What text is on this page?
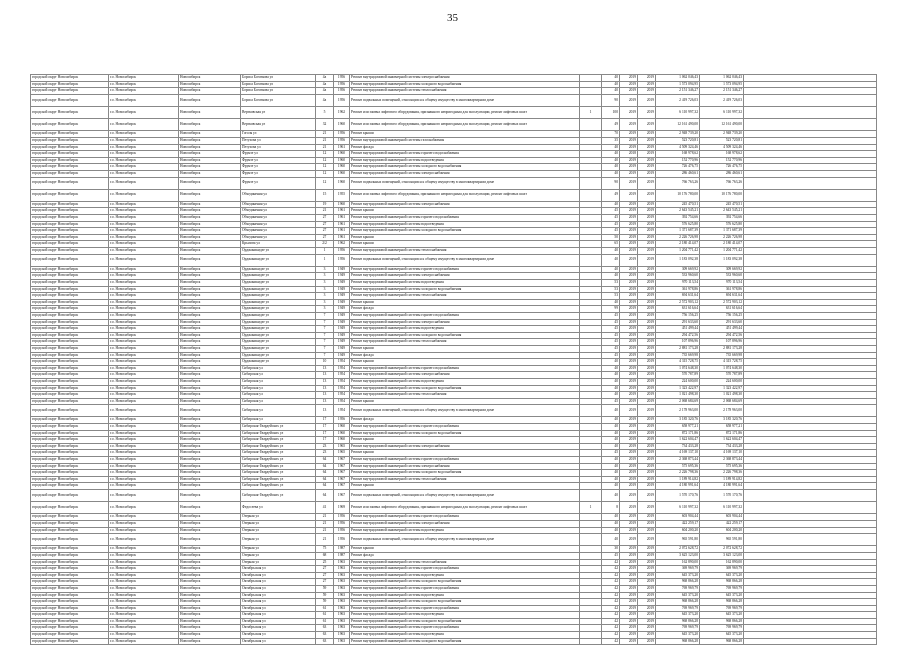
35
городской округ Новосибирск	г.о. Новосибирск	Новосибирск	Бориса Богаткова ул	4а	1956	Ремонт внутридомовой инженерной системы электроснабжения		40	2019	2019	1 062 046,43	1 062 046,43	
городской округ Новосибирск	г.о. Новосибирск	Новосибирск	Бориса Богаткова ул	4а	1956	Ремонт внутридомовой инженерной системы холодного водоснабжения		40	2019	2019	1 573 094,95	1 573 094,95	
городской округ Новосибирск	г.о. Новосибирск	Новосибирск	Бориса Богаткова ул	4а	1956	Ремонт внутридомовой инженерной системы теплоснабжения		40	2019	2019	2 151 346,27	2 151 346,27	
городской округ Новосибирск	г.о. Новосибирск	Новосибирск	Бориса Богаткова ул	4а	1956	Ремонт подвальных помещений, относящихся к общему имуществу в многоквартирном доме		90	2019	2019	2 419 726,03	2 419 726,03	
городской округ Новосибирск	г.о. Новосибирск	Новосибирск	Вертковская ул	5	1962	Ремонт или замена лифтового оборудования, признанного непригодным для эксплуатации, ремонт лифтовых шахт	1	100	2019	2019	6 110 997,32	6 110 997,32	
городской округ Новосибирск	г.о. Новосибирск	Новосибирск	Вертковская ул	32	1960	Ремонт или замена лифтового оборудования, признанного непригодным для эксплуатации, ремонт лифтовых шахт		49	2019	2019	12 161 490,00	12 161 490,00	
городской округ Новосибирск	г.о. Новосибирск	Новосибирск	Гоголя ул	21	1956	Ремонт крыши		70	2019	2019	2 948 739,20	2 948 739,20	
городской округ Новосибирск	г.о. Новосибирск	Новосибирск	Петухова ул	21	1956	Ремонт внутридомовой инженерной системы газоснабжения		35	2019	2019	523 720,81	523 720,81	
городской округ Новосибирск	г.о. Новосибирск	Новосибирск	Петухова ул	21	1961	Ремонт фасада		40	2019	2019	4 509 324,46	4 509 324,46	
городской округ Новосибирск	г.о. Новосибирск	Новосибирск	Фрунзе ул	12	1960	Ремонт внутридомовой инженерной системы горячего водоснабжения		40	2018	2019	168 978,62	168 978,62	
городской округ Новосибирск	г.о. Новосибирск	Новосибирск	Фрунзе ул	12	1960	Ремонт внутридомовой инженерной системы водоотведения		40	2019	2019	152 770,96	152 770,96	
городской округ Новосибирск	г.о. Новосибирск	Новосибирск	Фрунзе ул	12	1960	Ремонт внутридомовой инженерной системы холодного водоснабжения		40	2019	2019	726 476,75	726 476,75	
городской округ Новосибирск	г.о. Новосибирск	Новосибирск	Фрунзе ул	12	1960	Ремонт внутридомовой инженерной системы электроснабжения		40	2019	2019	286 460,61	286 460,61	
городской округ Новосибирск	г.о. Новосибирск	Новосибирск	Фрунзе ул	12	1960	Ремонт подвальных помещений, относящихся к общему имуществу в многоквартирном доме		90	2019	2019	766 763,26	766 763,26	
городской округ Новосибирск	г.о. Новосибирск	Новосибирск	Объединения ул	15	1955	Ремонт или замена лифтового оборудования, признанного непригодным для эксплуатации, ремонт лифтовых шахт		49	2019	2019	10 176 780,00	10 176 780,00	
городской округ Новосибирск	г.о. Новосибирск	Новосибирск	Объединения ул	19	1960	Ремонт внутридомовой инженерной системы электроснабжения		40	2019	2019	245 470,51	245 470,51	
городской округ Новосибирск	г.о. Новосибирск	Новосибирск	Объединения ул	21	1961	Ремонт крыши		45	2019	2019	2 643 545,21	2 643 545,21	
городской округ Новосибирск	г.о. Новосибирск	Новосибирск	Объединения ул	27	1961	Ремонт внутридомовой инженерной системы горячего водоснабжения		45	2019	2019	392 754,66	392 754,66	
городской округ Новосибирск	г.о. Новосибирск	Новосибирск	Объединения ул	27	1961	Ремонт внутридомовой инженерной системы водоотведения		45	2019	2019	576 625,80	576 625,80	
городской округ Новосибирск	г.о. Новосибирск	Новосибирск	Объединения ул	27	1961	Ремонт внутридомовой инженерной системы холодного водоснабжения		45	2019	2019	1 371 687,39	1 371 687,39	
городской округ Новосибирск	г.о. Новосибирск	Новосибирск	Объединения ул	27	1961	Ремонт крыши		50	2019	2019	2 226 726,98	2 226 726,98	
городской округ Новосибирск	г.о. Новосибирск	Новосибирск	Крылова ул	2/2	1962	Ремонт крыши		65	2019	2019	2 180 414,07	2 180 414,07	
городской округ Новосибирск	г.о. Новосибирск	Новосибирск	Орджоникидзе ул	1	1956	Ремонт внутридомовой инженерной системы теплоснабжения		40	2019	2019	1 204 771,42	1 204 771,42	
городской округ Новосибирск	г.о. Новосибирск	Новосибирск	Орджоникидзе ул	1	1956	Ремонт подвальных помещений, относящихся к общему имуществу в многоквартирном доме		40	2019	2019	1 183 092,38	1 183 092,38	
городской округ Новосибирск	г.о. Новосибирск	Новосибирск	Орджоникидзе ул	3	1949	Ремонт внутридомовой инженерной системы горячего водоснабжения		40	2019	2019	309 669,92	309 669,92	
городской округ Новосибирск	г.о. Новосибирск	Новосибирск	Орджоникидзе ул	3	1949	Ремонт внутридомовой инженерной системы электроснабжения		40	2019	2019	533 960,60	533 960,60	
городской округ Новосибирск	г.о. Новосибирск	Новосибирск	Орджоникидзе ул	3	1949	Ремонт внутридомовой инженерной системы водоотведения		53	2019	2019	970 113,54	970 113,54	
городской округ Новосибирск	г.о. Новосибирск	Новосибирск	Орджоникидзе ул	3	1949	Ремонт внутридомовой инженерной системы холодного водоснабжения		53	2019	2019	361 978,86	361 978,86	
городской округ Новосибирск	г.о. Новосибирск	Новосибирск	Орджоникидзе ул	3	1949	Ремонт внутридомовой инженерной системы теплоснабжения		53	2019	2019	694 631,64	694 631,64	
городской округ Новосибирск	г.о. Новосибирск	Новосибирск	Орджоникидзе ул	3	1949	Ремонт крыши		40	2019	2019	2 572 903,12	2 572 903,12	
городской округ Новосибирск	г.о. Новосибирск	Новосибирск	Орджоникидзе ул	3	1949	Ремонт фасада		99	2019	2019	631 616,64	631 616,64	
городской округ Новосибирск	г.о. Новосибирск	Новосибирск	Орджоникидзе ул	7	1949	Ремонт внутридомовой инженерной системы горячего водоснабжения		45	2019	2019	756 156,25	756 156,25	
городской округ Новосибирск	г.о. Новосибирск	Новосибирск	Орджоникидзе ул	7	1949	Ремонт внутридомовой инженерной системы электроснабжения		45	2019	2019	291 633,60	291 633,60	
городской округ Новосибирск	г.о. Новосибирск	Новосибирск	Орджоникидзе ул	7	1949	Ремонт внутридомовой инженерной системы водоотведения		45	2019	2019	451 499,44	451 499,44	
городской округ Новосибирск	г.о. Новосибирск	Новосибирск	Орджоникидзе ул	7	1949	Ремонт внутридомовой инженерной системы холодного водоснабжения		45	2019	2019	294 472,56	294 472,56	
городской округ Новосибирск	г.о. Новосибирск	Новосибирск	Орджоникидзе ул	7	1949	Ремонт внутридомовой инженерной системы теплоснабжения		45	2019	2019	107 896,96	107 896,96	
городской округ Новосибирск	г.о. Новосибирск	Новосибирск	Орджоникидзе ул	7	1949	Ремонт крыши		45	2019	2019	2 881 173,28	2 881 173,28	
городской округ Новосибирск	г.о. Новосибирск	Новосибирск	Орджоникидзе ул	7	1949	Ремонт фасада		45	2019	2019	735 669,98	735 669,98	
городской округ Новосибирск	г.о. Новосибирск	Новосибирск	Орджоникидзе ул	10	1954	Ремонт крыши		40	2019	2019	4 315 728,75	4 315 728,75	
городской округ Новосибирск	г.о. Новосибирск	Новосибирск	Сибирская ул	13	1954	Ремонт внутридомовой инженерной системы горячего водоснабжения		40	2019	2019	1 074 648,30	1 074 648,30	
городской округ Новосибирск	г.о. Новосибирск	Новосибирск	Сибирская ул	13	1954	Ремонт внутридомовой инженерной системы электроснабжения		40	2019	2019	570 787,89	570 787,89	
городской округ Новосибирск	г.о. Новосибирск	Новосибирск	Сибирская ул	13	1954	Ремонт внутридомовой инженерной системы водоотведения		40	2019	2019	224 600,00	224 600,00	
городской округ Новосибирск	г.о. Новосибирск	Новосибирск	Сибирская ул	13	1954	Ремонт внутридомовой инженерной системы холодного водоснабжения		40	2019	2019	1 323 422,97	1 323 422,97	
городской округ Новосибирск	г.о. Новосибирск	Новосибирск	Сибирская ул	13	1954	Ремонт внутридомовой инженерной системы теплоснабжения		40	2019	2019	1 021 498,30	1 021 498,30	
городской округ Новосибирск	г.о. Новосибирск	Новосибирск	Сибирская ул	13	1954	Ремонт крыши		45	2019	2019	2 068 684,69	2 068 684,69	
городской округ Новосибирск	г.о. Новосибирск	Новосибирск	Сибирская ул	13	1954	Ремонт подвальных помещений, относящихся к общему имуществу в многоквартирном доме		40	2019	2019	2 178 963,00	2 178 963,00	
городской округ Новосибирск	г.о. Новосибирск	Новосибирск	Сибирская ул	17	1956	Ремонт фасада		40	2019	2019	3 185 320,76	3 185 320,76	
городской округ Новосибирск	г.о. Новосибирск	Новосибирск	Сибирская-Гвардейских ул	17	1960	Ремонт внутридомовой инженерной системы горячего водоснабжения		40	2019	2019	658 977,21	658 977,21	
городской округ Новосибирск	г.о. Новосибирск	Новосибирск	Сибирская-Гвардейских ул	17	1960	Ремонт внутридомовой инженерной системы холодного водоснабжения		40	2019	2019	872 171,86	872 171,86	
городской округ Новосибирск	г.о. Новосибирск	Новосибирск	Сибирская-Гвардейских ул	17	1960	Ремонт крыши		40	2019	2019	1 622 604,47	1 622 604,47	
городской округ Новосибирск	г.о. Новосибирск	Новосибирск	Сибирская-Гвардейских ул	23	1965	Ремонт внутридомовой инженерной системы электроснабжения		40	2019	2019	734 433,28	734 433,28	
городской округ Новосибирск	г.о. Новосибирск	Новосибирск	Сибирская-Гвардейских ул	23	1965	Ремонт крыши		45	2019	2019	4 169 137,10	4 169 137,10	
городской округ Новосибирск	г.о. Новосибирск	Новосибирск	Сибирская-Гвардейских ул	64	1967	Ремонт внутридомовой инженерной системы горячего водоснабжения		40	2019	2019	2 368 873,44	2 368 873,44	
городской округ Новосибирск	г.о. Новосибирск	Новосибирск	Сибирская-Гвардейских ул	64	1967	Ремонт внутридомовой инженерной системы электроснабжения		40	2019	2019	575 695,36	575 695,36	
городской округ Новосибирск	г.о. Новосибирск	Новосибирск	Сибирская-Гвардейских ул	64	1967	Ремонт внутридомовой инженерной системы холодного водоснабжения		40	2019	2019	2 226 798,36	2 226 798,36	
городской округ Новосибирск	г.о. Новосибирск	Новосибирск	Сибирская-Гвардейских ул	64	1967	Ремонт внутридомовой инженерной системы теплоснабжения		40	2019	2019	1 189 914,82	1 189 914,82	
городской округ Новосибирск	г.о. Новосибирск	Новосибирск	Сибирская-Гвардейских ул	64	1967	Ремонт крыши		40	2019	2019	4 180 991,64	4 180 991,64	
городской округ Новосибирск	г.о. Новосибирск	Новосибирск	Сибирская-Гвардейских ул	64	1967	Ремонт подвальных помещений, относящихся к общему имуществу в многоквартирном доме		40	2019	2019	1 570 170,76	1 570 170,76	
городской округ Новосибирск	г.о. Новосибирск	Новосибирск	Федосеева ул	41	1969	Ремонт или замена лифтового оборудования, признанного непригодным для эксплуатации, ремонт лифтовых шахт	1	8	2019	2019	6 110 997,32	6 110 997,32	
городской округ Новосибирск	г.о. Новосибирск	Новосибирск	Озерная ул	21	1956	Ремонт внутридомовой инженерной системы горячего водоснабжения		40	2019	2019	603 904,44	603 904,44	
городской округ Новосибирск	г.о. Новосибирск	Новосибирск	Озерная ул	21	1956	Ремонт внутридомовой инженерной системы электроснабжения		40	2019	2019	422 259,17	422 259,17	
городской округ Новосибирск	г.о. Новосибирск	Новосибирск	Озерная ул	21	1956	Ремонт внутридомовой инженерной системы водоотведения		40	2019	2019	604 200,20	604 200,20	
городской округ Новосибирск	г.о. Новосибирск	Новосибирск	Озерная ул	21	1956	Ремонт подвальных помещений, относящихся к общему имуществу в многоквартирном доме		40	2019	2019	965 591,80	965 591,80	
городской округ Новосибирск	г.о. Новосибирск	Новосибирск	Озерная ул	75	1987	Ремонт крыши		30	2019	2019	2 072 628,72	2 072 628,72	
городской округ Новосибирск	г.о. Новосибирск	Новосибирск	Озерная ул	68	1987	Ремонт фасада		45	2019	2019	3 625 123,00	3 625 123,00	
городской округ Новосибирск	г.о. Новосибирск	Новосибирск	Озерная ул	25	1963	Ремонт внутридомовой инженерной системы теплоснабжения		42	2019	2019	162 890,00	162 890,00	
городской округ Новосибирск	г.о. Новосибирск	Новосибирск	Октябрьская ул	27	1963	Ремонт внутридомовой инженерной системы горячего водоснабжения		42	2019	2019	369 969,79	369 969,79	
городской округ Новосибирск	г.о. Новосибирск	Новосибирск	Октябрьская ул	27	1963	Ремонт внутридомовой инженерной системы водоотведения		42	2019	2019	645 373,20	645 373,20	
городской округ Новосибирск	г.о. Новосибирск	Новосибирск	Октябрьская ул	27	1963	Ремонт внутридомовой инженерной системы холодного водоснабжения		42	2019	2019	968 866,28	968 866,28	
городской округ Новосибирск	г.о. Новосибирск	Новосибирск	Октябрьская ул	59	1963	Ремонт внутридомовой инженерной системы горячего водоснабжения		42	2019	2019	769 969,79	769 969,79	
городской округ Новосибирск	г.о. Новосибирск	Новосибирск	Октябрьская ул	59	1963	Ремонт внутридомовой инженерной системы водоотведения		42	2019	2019	645 373,20	645 373,20	
городской округ Новосибирск	г.о. Новосибирск	Новосибирск	Октябрьская ул	59	1963	Ремонт внутридомовой инженерной системы холодного водоснабжения		42	2019	2019	968 866,28	968 866,28	
городской округ Новосибирск	г.о. Новосибирск	Новосибирск	Октябрьская ул	61	1963	Ремонт внутридомовой инженерной системы горячего водоснабжения		42	2019	2019	769 969,79	769 969,79	
городской округ Новосибирск	г.о. Новосибирск	Новосибирск	Октябрьская ул	61	1963	Ремонт внутридомовой инженерной системы водоотведения		42	2019	2019	645 373,20	645 373,20	
городской округ Новосибирск	г.о. Новосибирск	Новосибирск	Октябрьская ул	61	1963	Ремонт внутридомовой инженерной системы холодного водоснабжения		42	2019	2019	968 866,28	968 866,28	
городской округ Новосибирск	г.о. Новосибирск	Новосибирск	Октябрьская ул	63	1963	Ремонт внутридомовой инженерной системы горячего водоснабжения		42	2019	2019	769 969,79	769 969,79	
городской округ Новосибирск	г.о. Новосибирск	Новосибирск	Октябрьская ул	63	1963	Ремонт внутридомовой инженерной системы водоотведения		42	2019	2019	645 373,20	645 373,20	
городской округ Новосибирск	г.о. Новосибирск	Новосибирск	Октябрьская ул	63	1963	Ремонт внутридомовой инженерной системы холодного водоснабжения		42	2019	2019	968 866,28	968 866,28	
